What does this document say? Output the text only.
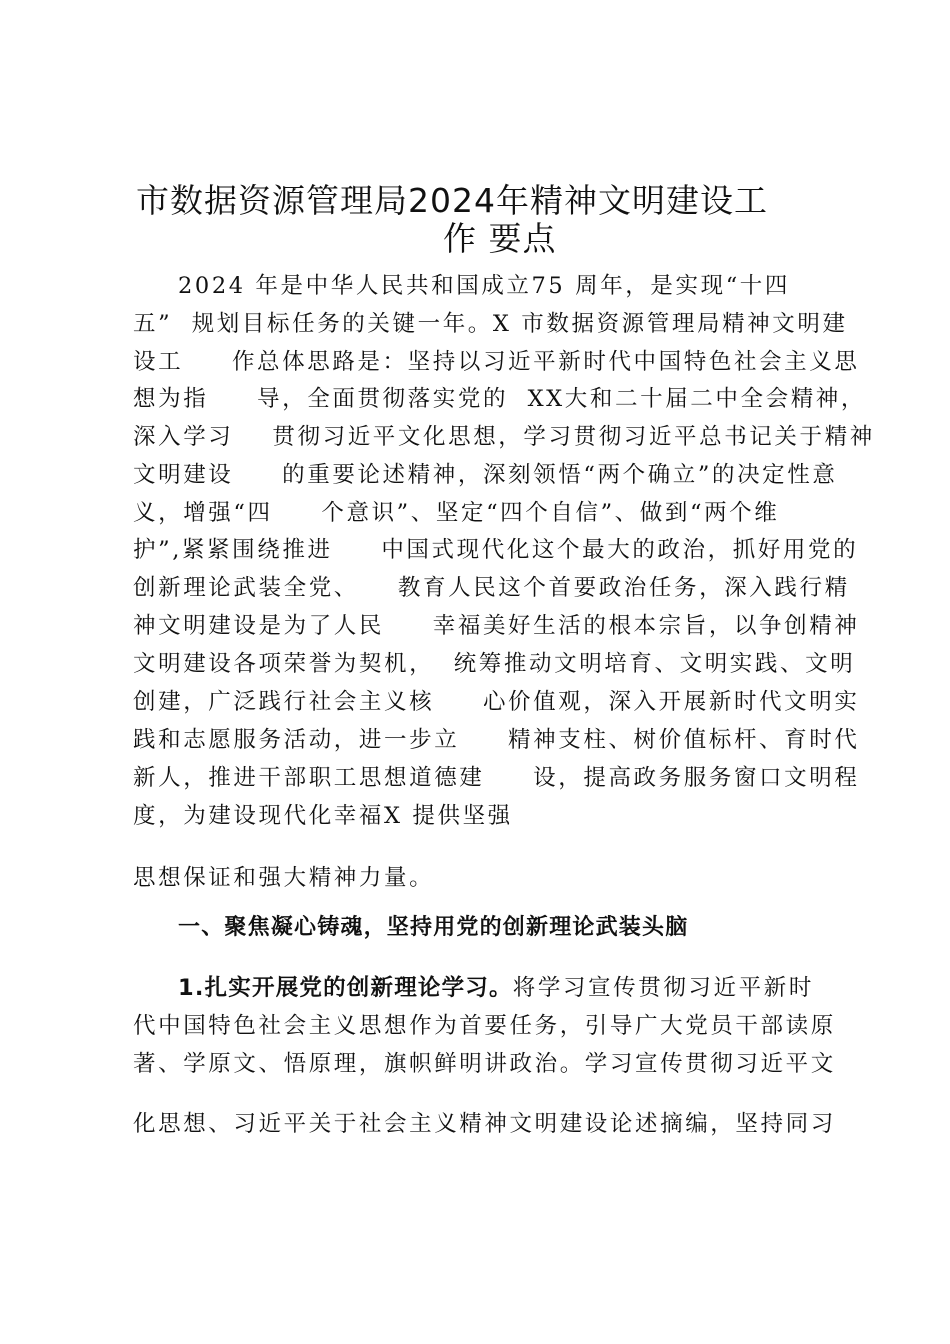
市数据资源管理局2024年精神文明建设工
作 要点
2024 年是中华人民共和国成立75 周年，是实现“十四
五”  规划目标任务的关键一年。X 市数据资源管理局精神文明建
设工     作总体思路是：坚持以习近平新时代中国特色社会主义思
想为指     导，全面贯彻落实党的  XX大和二十届二中全会精神，
深入学习    贯彻习近平文化思想，学习贯彻习近平总书记关于精神
文明建设     的重要论述精神，深刻领悟“两个确立”的决定性意
义，增强“四     个意识”、坚定“四个自信”、做到“两个维
护”,紧紧围绕推进     中国式现代化这个最大的政治，抓好用党的
创新理论武装全党、    教育人民这个首要政治任务，深入践行精
神文明建设是为了人民     幸福美好生活的根本宗旨，以争创精神
文明建设各项荣誉为契机，  统筹推动文明培育、文明实践、文明
创建，广泛践行社会主义核     心价值观，深入开展新时代文明实
践和志愿服务活动，进一步立     精神支柱、树价值标杆、育时代
新人，推进干部职工思想道德建     设，提高政务服务窗口文明程
度，为建设现代化幸福X 提供坚强
思想保证和强大精神力量。
一、聚焦凝心铸魂，坚持用党的创新理论武装头脑
1.扎实开展党的创新理论学习。将学习宣传贯彻习近平新时
代中国特色社会主义思想作为首要任务，引导广大党员干部读原
著、学原文、悟原理，旗帜鲜明讲政治。学习宣传贯彻习近平文
化思想、习近平关于社会主义精神文明建设论述摘编，坚持同习
